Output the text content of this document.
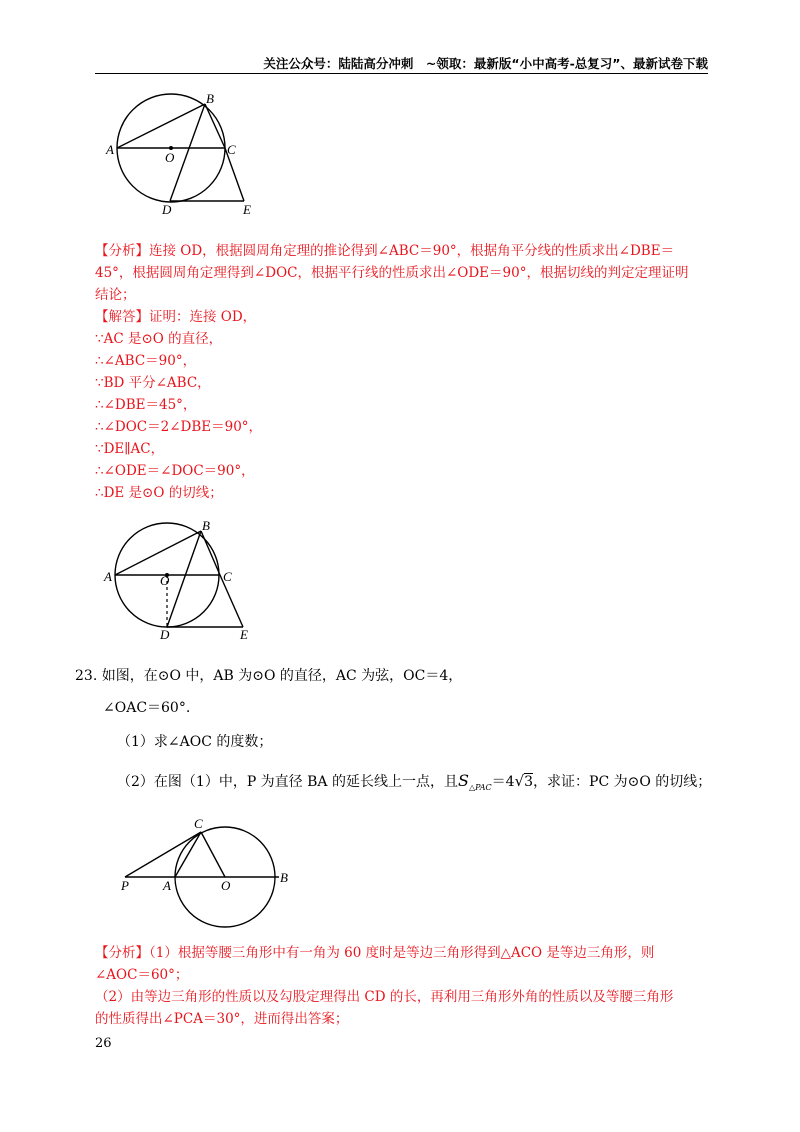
关注公众号：陆陆高分冲刺　~领取：最新版“小中高考-总复习”、最新试卷下载
A
B
C
O
D	E
【分析】连接 OD，根据圆周角定理的推论得到∠ABC＝90°，根据角平分线的性质求出∠DBE＝
45°，根据圆周角定理得到∠DOC，根据平行线的性质求出∠ODE＝90°，根据切线的判定定理证明
结论；
【解答】证明：连接 OD，
∵AC 是⊙O 的直径，
∴∠ABC＝90°，
∵BD 平分∠ABC，
∴∠DBE＝45°，
∴∠DOC＝2∠DBE＝90°，
∵DE∥AC，
∴∠ODE＝∠DOC＝90°，
∴DE 是⊙O 的切线；
A
B
C
O
D	E
23. 如图，在⊙O 中，AB 为⊙O 的直径，AC 为弦，OC＝4，
∠OAC＝60°.
（1）求∠AOC 的度数；
（2）在图（1）中，P 为直径 BA 的延长线上一点，且$S_{\triangle PAC}=4√3$，求证：PC 为⊙O 的切线；
P	A
C
O
B
【分析】（1）根据等腰三角形中有一角为 60 度时是等边三角形得到△ACO 是等边三角形，则
∠AOC＝60°；
（2）由等边三角形的性质以及勾股定理得出 CD 的长，再利用三角形外角的性质以及等腰三角形
的性质得出∠PCA＝30°，进而得出答案；
26
